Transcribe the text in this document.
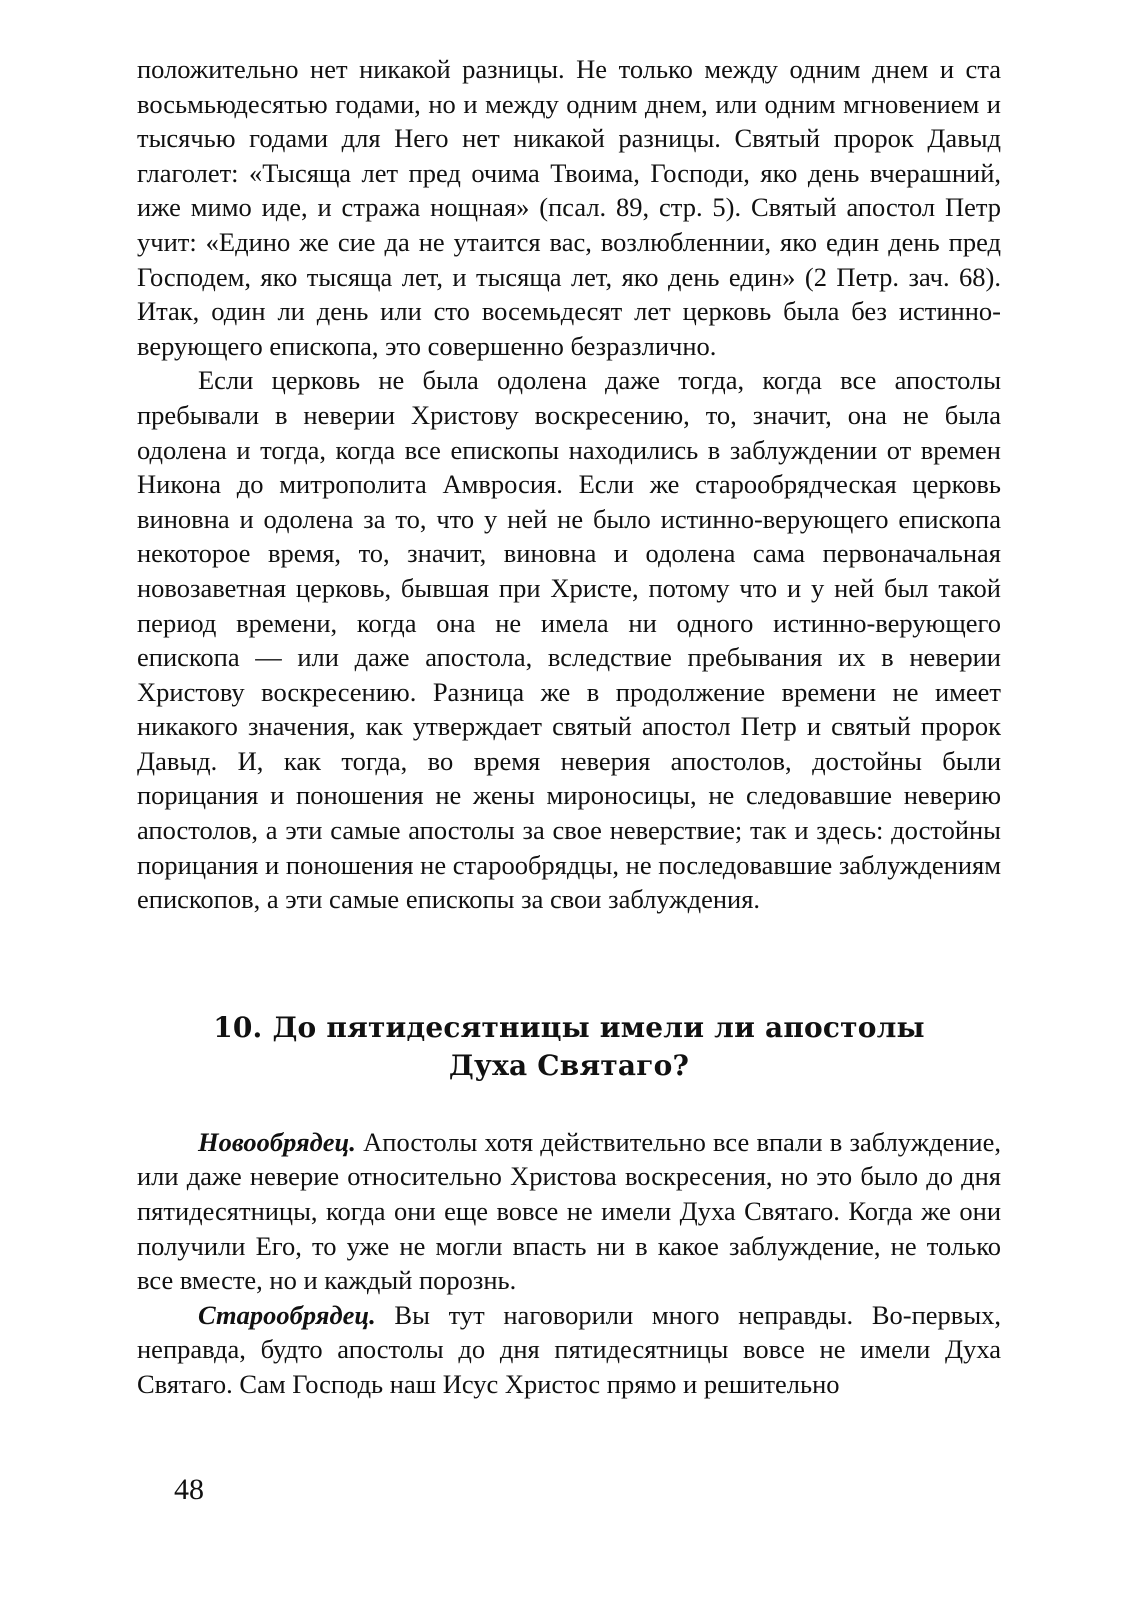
положительно нет никакой разницы. Не только между одним днем и ста восьмьюдесятью годами, но и между одним днем, или одним мгновением и тысячью годами для Него нет никакой разницы. Святый пророк Давыд глаголет: «Тысяща лет пред очима Твоима, Господи, яко день вчерашний, иже мимо иде, и стража нощная» (псал. 89, стр. 5). Святый апостол Петр учит: «Едино же сие да не утаится вас, возлюбленнии, яко един день пред Господем, яко тысяща лет, и тысяща лет, яко день един» (2 Петр. зач. 68). Итак, один ли день или сто восемьдесят лет церковь была без истинно-верующего епископа, это совершенно безразлично.

Если церковь не была одолена даже тогда, когда все апостолы пребывали в неверии Христову воскресению, то, значит, она не была одолена и тогда, когда все епископы находились в заблуждении от времен Никона до митрополита Амвросия. Если же старообрядческая церковь виновна и одолена за то, что у ней не было истинно-верующего епископа некоторое время, то, значит, виновна и одолена сама первоначальная новозаветная церковь, бывшая при Христе, потому что и у ней был такой период времени, когда она не имела ни одного истинно-верующего епископа — или даже апостола, вследствие пребывания их в неверии Христову воскресению. Разница же в продолжение времени не имеет никакого значения, как утверждает святый апостол Петр и святый пророк Давыд. И, как тогда, во время неверия апостолов, достойны были порицания и поношения не жены мироносицы, не следовавшие неверию апостолов, а эти самые апостолы за свое неверствие; так и здесь: достойны порицания и поношения не старообрядцы, не последовавшие заблуждениям епископов, а эти самые епископы за свои заблуждения.

10. До пятидесятницы имели ли апостолы
Духа Святаго?

Новообрядец. Апостолы хотя действительно все впали в заблуждение, или даже неверие относительно Христова воскресения, но это было до дня пятидесятницы, когда они еще вовсе не имели Духа Святаго. Когда же они получили Его, то уже не могли впасть ни в какое заблуждение, не только все вместе, но и каждый порознь.

Старообрядец. Вы тут наговорили много неправды. Во-первых, неправда, будто апостолы до дня пятидесятницы вовсе не имели Духа Святаго. Сам Господь наш Исус Христос прямо и решительно

48
